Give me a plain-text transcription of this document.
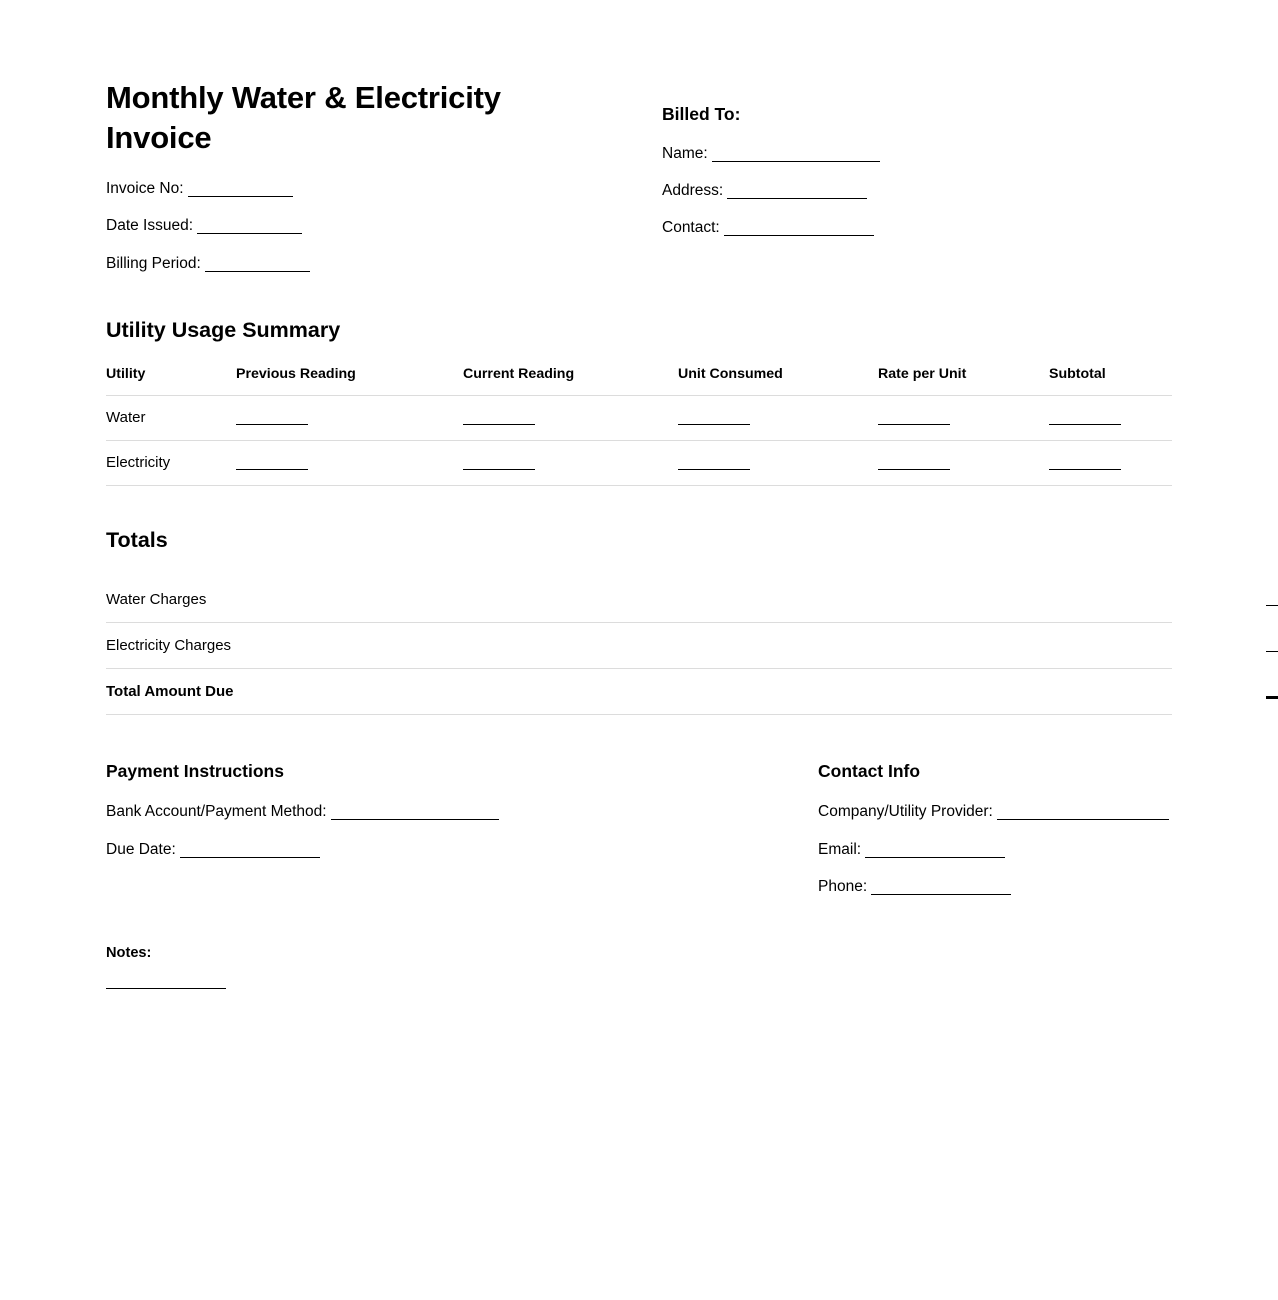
Monthly Water & Electricity Invoice
Invoice No:
Date Issued:
Billing Period:
Billed To:
Name:
Address:
Contact:
Utility Usage Summary
Utility	Previous Reading	Current Reading	Unit Consumed	Rate per Unit	Subtotal
Water					
Electricity					
Totals
Water Charges	
Electricity Charges	
Total Amount Due	
Payment Instructions
Bank Account/Payment Method:
Due Date:
Contact Info
Company/Utility Provider:
Email:
Phone:
Notes:
